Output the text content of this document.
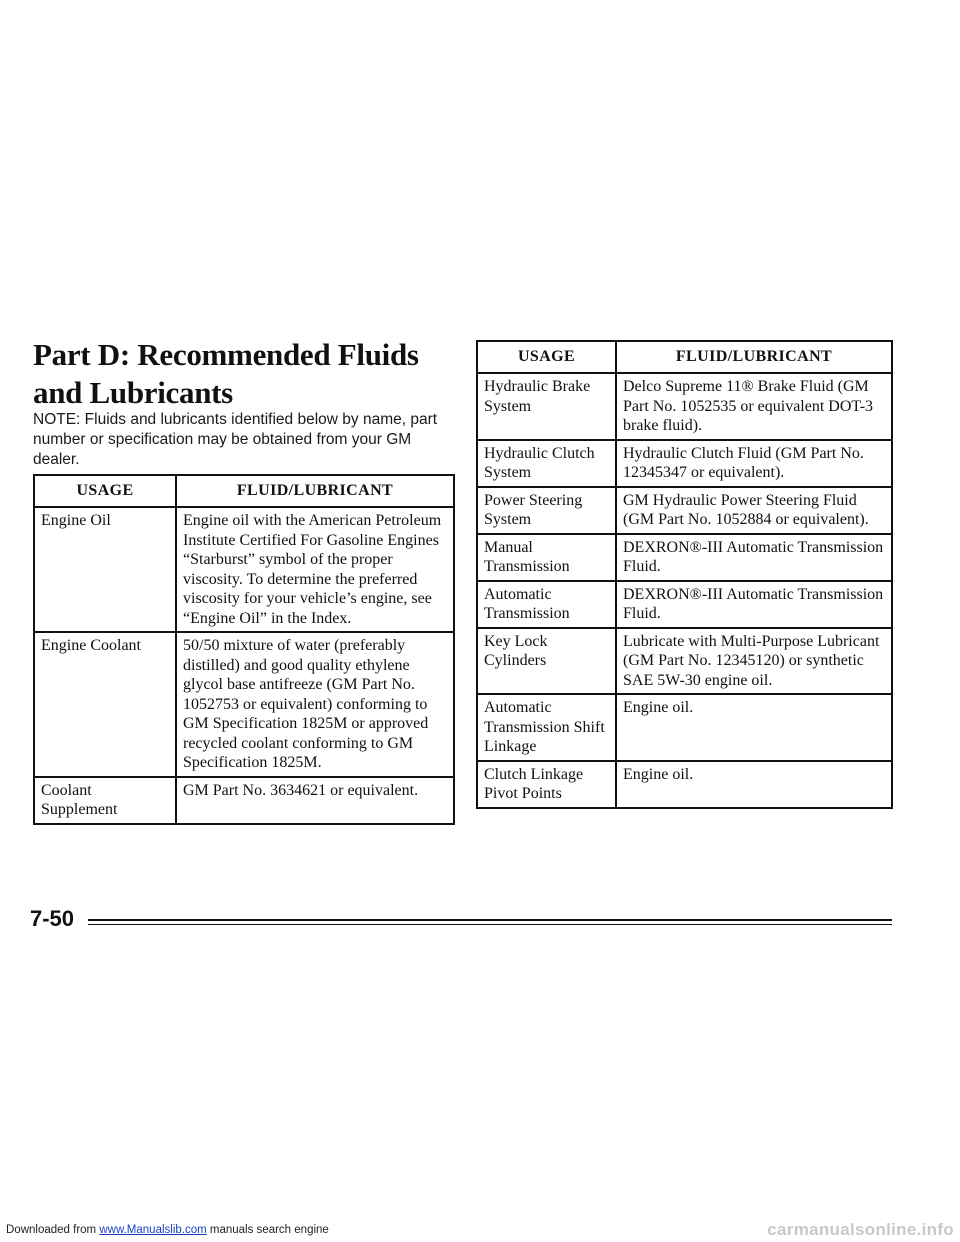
Part D: Recommended Fluids and Lubricants

NOTE: Fluids and lubricants identified below by name, part number or specification may be obtained from your GM dealer.

USAGE	FLUID/LUBRICANT
Engine Oil	Engine oil with the American Petroleum Institute Certified For Gasoline Engines “Starburst” symbol of the proper viscosity. To determine the preferred viscosity for your vehicle’s engine, see “Engine Oil” in the Index.
Engine Coolant	50/50 mixture of water (preferably distilled) and good quality ethylene glycol base antifreeze (GM Part No. 1052753 or equivalent) conforming to GM Specification 1825M or approved recycled coolant conforming to GM Specification 1825M.
Coolant Supplement	GM Part No. 3634621 or equivalent.
USAGE	FLUID/LUBRICANT
Hydraulic Brake System	Delco Supreme 11® Brake Fluid (GM Part No. 1052535 or equivalent DOT-3 brake fluid).
Hydraulic Clutch System	Hydraulic Clutch Fluid (GM Part No. 12345347 or equivalent).
Power Steering System	GM Hydraulic Power Steering Fluid (GM Part No. 1052884 or equivalent).
Manual Transmission	DEXRON®-III Automatic Transmission Fluid.
Automatic Transmission	DEXRON®-III Automatic Transmission Fluid.
Key Lock Cylinders	Lubricate with Multi-Purpose Lubricant (GM Part No. 12345120) or synthetic SAE 5W-30 engine oil.
Automatic Transmission Shift Linkage	Engine oil.
Clutch Linkage Pivot Points	Engine oil.
7-50
Downloaded from www.Manualslib.com manuals search engine	carmanualsonline.info
